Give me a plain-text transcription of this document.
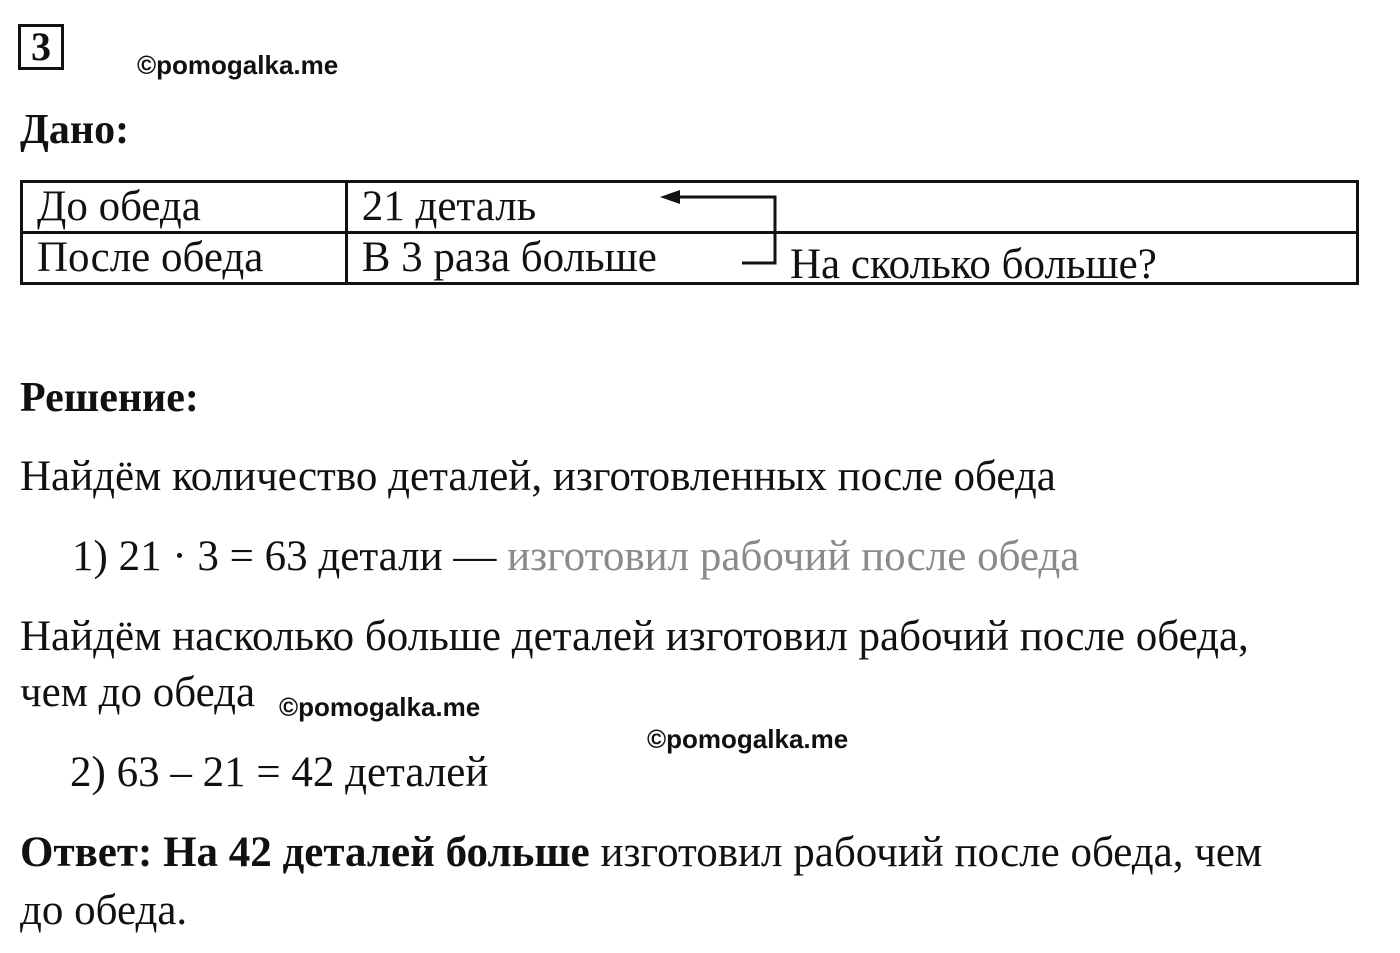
3	©pomogalka.me
Дано:
До обеда	21 деталь
После обеда	В 3 раза больше	На сколько больше?
Решение:
Найдём количество деталей, изготовленных после обеда
1) 21 · 3 = 63 детали — изготовил рабочий после обеда
Найдём насколько больше деталей изготовил рабочий после обеда,
чем до обеда ©pomogalka.me
©pomogalka.me
2) 63 – 21 = 42 деталей
Ответ: На 42 деталей больше изготовил рабочий после обеда, чем
до обеда.
